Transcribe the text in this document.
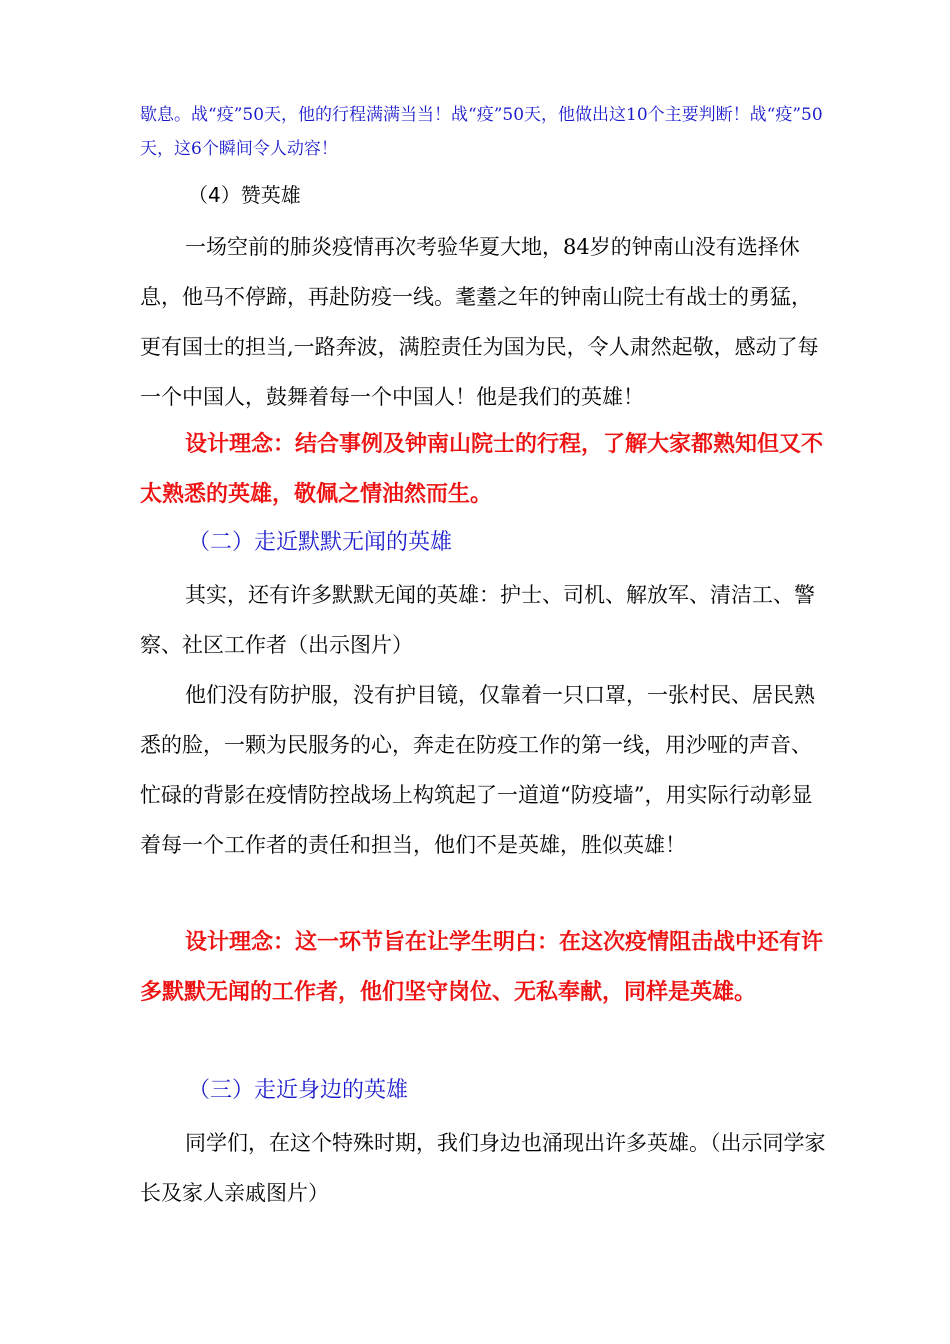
歇息。战“疫”50天，他的行程满满当当！战“疫”50天，他做出这10个主要判断！战“疫”50天，这6个瞬间令人动容！

（4）赞英雄

一场空前的肺炎疫情再次考验华夏大地，84岁的钟南山没有选择休息，他马不停蹄，再赴防疫一线。耄耋之年的钟南山院士有战士的勇猛，更有国士的担当,一路奔波，满腔责任为国为民，令人肃然起敬，感动了每一个中国人，鼓舞着每一个中国人！他是我们的英雄！

设计理念：结合事例及钟南山院士的行程，了解大家都熟知但又不太熟悉的英雄，敬佩之情油然而生。

（二）走近默默无闻的英雄

其实，还有许多默默无闻的英雄：护士、司机、解放军、清洁工、警察、社区工作者（出示图片）

他们没有防护服，没有护目镜，仅靠着一只口罩，一张村民、居民熟悉的脸，一颗为民服务的心，奔走在防疫工作的第一线，用沙哑的声音、忙碌的背影在疫情防控战场上构筑起了一道道“防疫墙”，用实际行动彰显着每一个工作者的责任和担当，他们不是英雄，胜似英雄！

设计理念：这一环节旨在让学生明白：在这次疫情阻击战中还有许多默默无闻的工作者，他们坚守岗位、无私奉献，同样是英雄。

（三）走近身边的英雄

同学们，在这个特殊时期，我们身边也涌现出许多英雄。（出示同学家长及家人亲戚图片）
